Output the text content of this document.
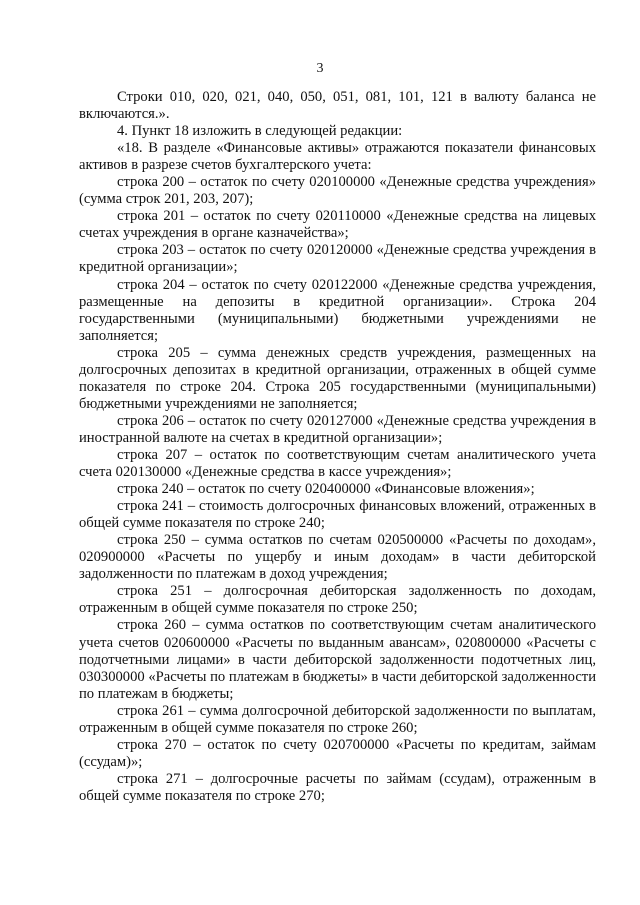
3

Строки 010, 020, 021, 040, 050, 051, 081, 101, 121 в валюту баланса не включаются.».

4. Пункт 18 изложить в следующей редакции:

«18. В разделе «Финансовые активы» отражаются показатели финансовых активов в разрезе счетов бухгалтерского учета:

строка 200 – остаток по счету 020100000 «Денежные средства учреждения» (сумма строк 201, 203, 207);

строка 201 – остаток по счету 020110000 «Денежные средства на лицевых счетах учреждения в органе казначейства»;

строка 203 – остаток по счету 020120000 «Денежные средства учреждения в кредитной организации»;

строка 204 – остаток по счету 020122000 «Денежные средства учреждения, размещенные на депозиты в кредитной организации». Строка 204 государственными (муниципальными) бюджетными учреждениями не заполняется;

строка 205 – сумма денежных средств учреждения, размещенных на долгосрочных депозитах в кредитной организации, отраженных в общей сумме показателя по строке 204. Строка 205 государственными (муниципальными) бюджетными учреждениями не заполняется;

строка 206 – остаток по счету 020127000 «Денежные средства учреждения в иностранной валюте на счетах в кредитной организации»;

строка 207 – остаток по соответствующим счетам аналитического учета счета 020130000 «Денежные средства в кассе учреждения»;

строка 240 – остаток по счету 020400000 «Финансовые вложения»;

строка 241 – стоимость долгосрочных финансовых вложений, отраженных в общей сумме показателя по строке 240;

строка 250 – сумма остатков по счетам 020500000 «Расчеты по доходам», 020900000 «Расчеты по ущербу и иным доходам» в части дебиторской задолженности по платежам в доход учреждения;

строка 251 – долгосрочная дебиторская задолженность по доходам, отраженным в общей сумме показателя по строке 250;

строка 260 – сумма остатков по соответствующим счетам аналитического учета счетов 020600000 «Расчеты по выданным авансам», 020800000 «Расчеты с подотчетными лицами» в части дебиторской задолженности подотчетных лиц, 030300000 «Расчеты по платежам в бюджеты» в части дебиторской задолженности по платежам в бюджеты;

строка 261 – сумма долгосрочной дебиторской задолженности по выплатам, отраженным в общей сумме показателя по строке 260;

строка 270 – остаток по счету 020700000 «Расчеты по кредитам, займам (ссудам)»;

строка 271 – долгосрочные расчеты по займам (ссудам), отраженным в общей сумме показателя по строке 270;
